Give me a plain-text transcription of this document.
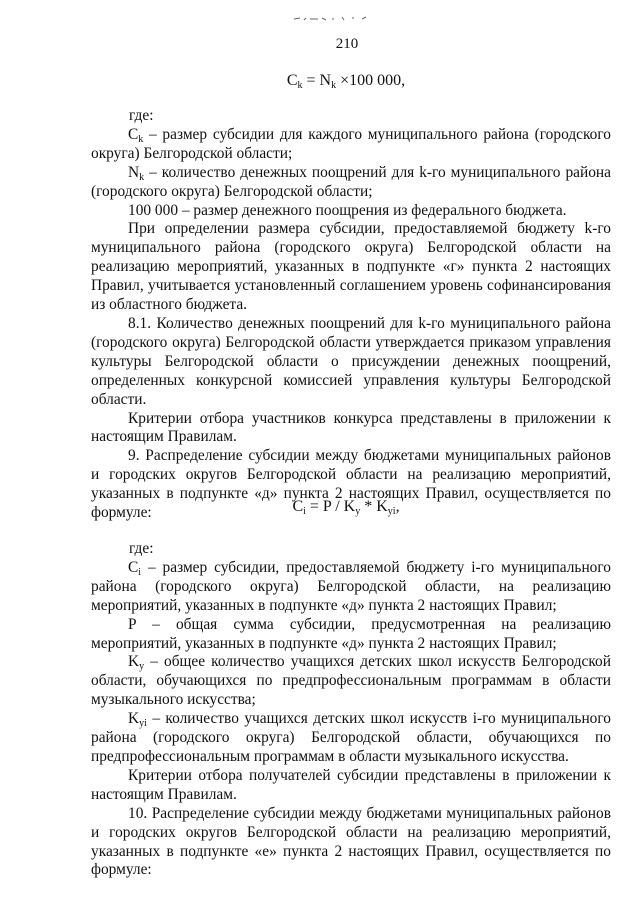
210
$C_k = N_k \times 100$ 000,

где:

$C_k$ – размер субсидии для каждого муниципального района (городского округа) Белгородской области;

$N_k$ – количество денежных поощрений для k-го муниципального района (городского округа) Белгородской области;

100 000 – размер денежного поощрения из федерального бюджета.

При определении размера субсидии, предоставляемой бюджету k-го муниципального района (городского округа) Белгородской области на реализацию мероприятий, указанных в подпункте «г» пункта 2 настоящих Правил, учитывается установленный соглашением уровень софинансирования из областного бюджета.

8.1. Количество денежных поощрений для k-го муниципального района (городского округа) Белгородской области утверждается приказом управления культуры Белгородской области о присуждении денежных поощрений, определенных конкурсной комиссией управления культуры Белгородской области.

Критерии отбора участников конкурса представлены в приложении к настоящим Правилам.

9. Распределение субсидии между бюджетами муниципальных районов и городских округов Белгородской области на реализацию мероприятий, указанных в подпункте «д» пункта 2 настоящих Правил, осуществляется по формуле:	$C_i = P / K_y * K_{yi}$,

где:

$C_i$ – размер субсидии, предоставляемой бюджету i-го муниципального района (городского округа) Белгородской области, на реализацию мероприятий, указанных в подпункте «д» пункта 2 настоящих Правил;

P – общая сумма субсидии, предусмотренная на реализацию мероприятий, указанных в подпункте «д» пункта 2 настоящих Правил;

$K_y$ – общее количество учащихся детских школ искусств Белгородской области, обучающихся по предпрофессиональным программам в области музыкального искусства;

$K_{yi}$ – количество учащихся детских школ искусств i-го муниципального района (городского округа) Белгородской области, обучающихся по предпрофессиональным программам в области музыкального искусства.

Критерии отбора получателей субсидии представлены в приложении к настоящим Правилам.

10. Распределение субсидии между бюджетами муниципальных районов и городских округов Белгородской области на реализацию мероприятий, указанных в подпункте «е» пункта 2 настоящих Правил, осуществляется по формуле:
